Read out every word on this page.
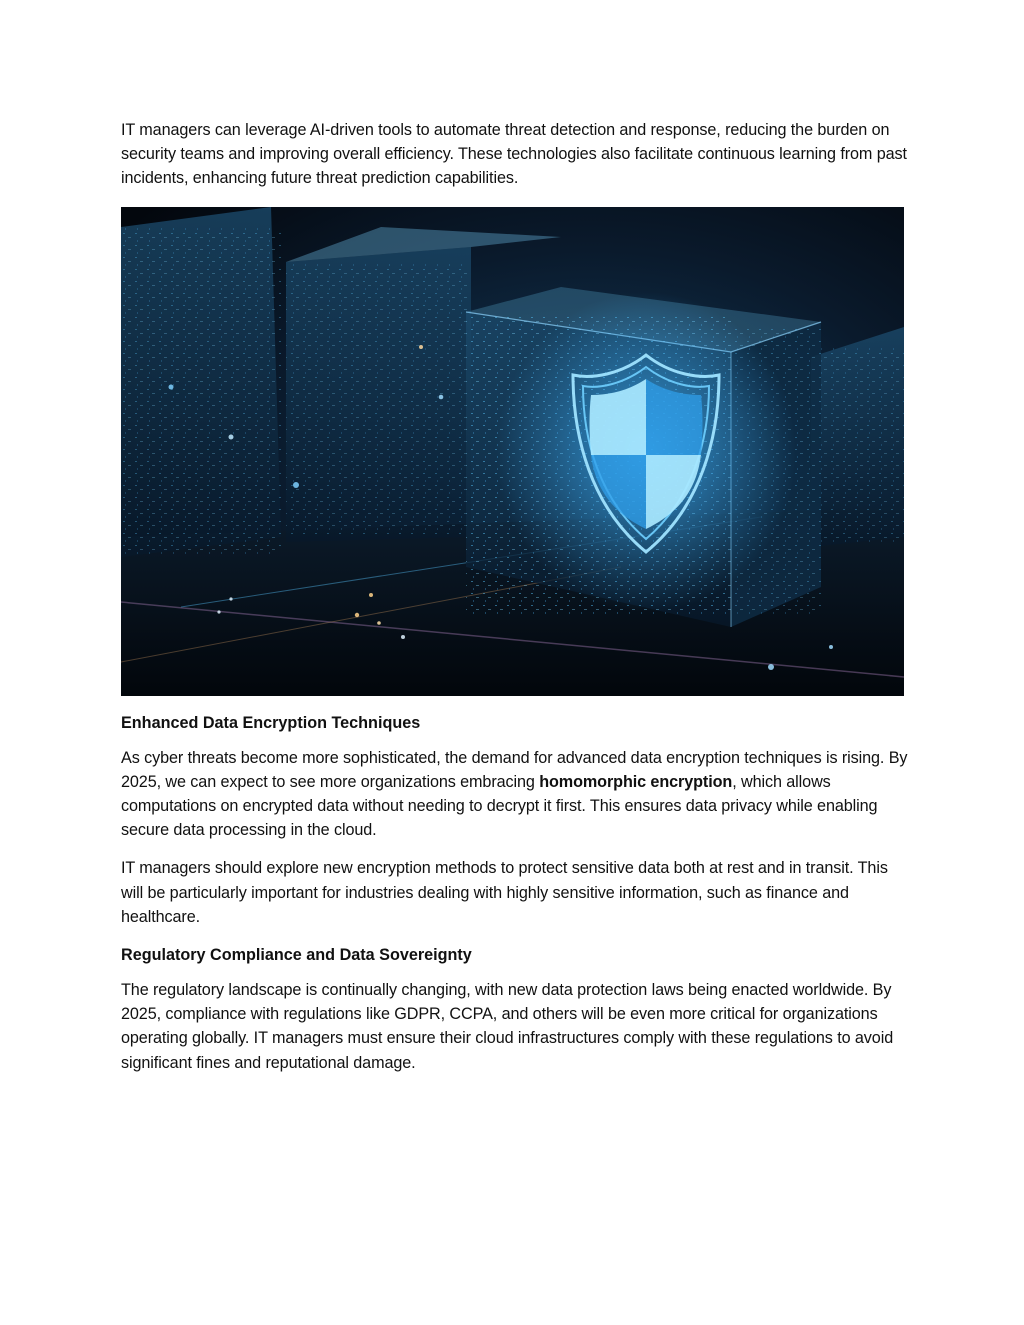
IT managers can leverage AI-driven tools to automate threat detection and response, reducing the burden on security teams and improving overall efficiency. These technologies also facilitate continuous learning from past incidents, enhancing future threat prediction capabilities.

Enhanced Data Encryption Techniques

As cyber threats become more sophisticated, the demand for advanced data encryption techniques is rising. By 2025, we can expect to see more organizations embracing homomorphic encryption, which allows computations on encrypted data without needing to decrypt it first. This ensures data privacy while enabling secure data processing in the cloud.

IT managers should explore new encryption methods to protect sensitive data both at rest and in transit. This will be particularly important for industries dealing with highly sensitive information, such as finance and healthcare.

Regulatory Compliance and Data Sovereignty

The regulatory landscape is continually changing, with new data protection laws being enacted worldwide. By 2025, compliance with regulations like GDPR, CCPA, and others will be even more critical for organizations operating globally. IT managers must ensure their cloud infrastructures comply with these regulations to avoid significant fines and reputational damage.
